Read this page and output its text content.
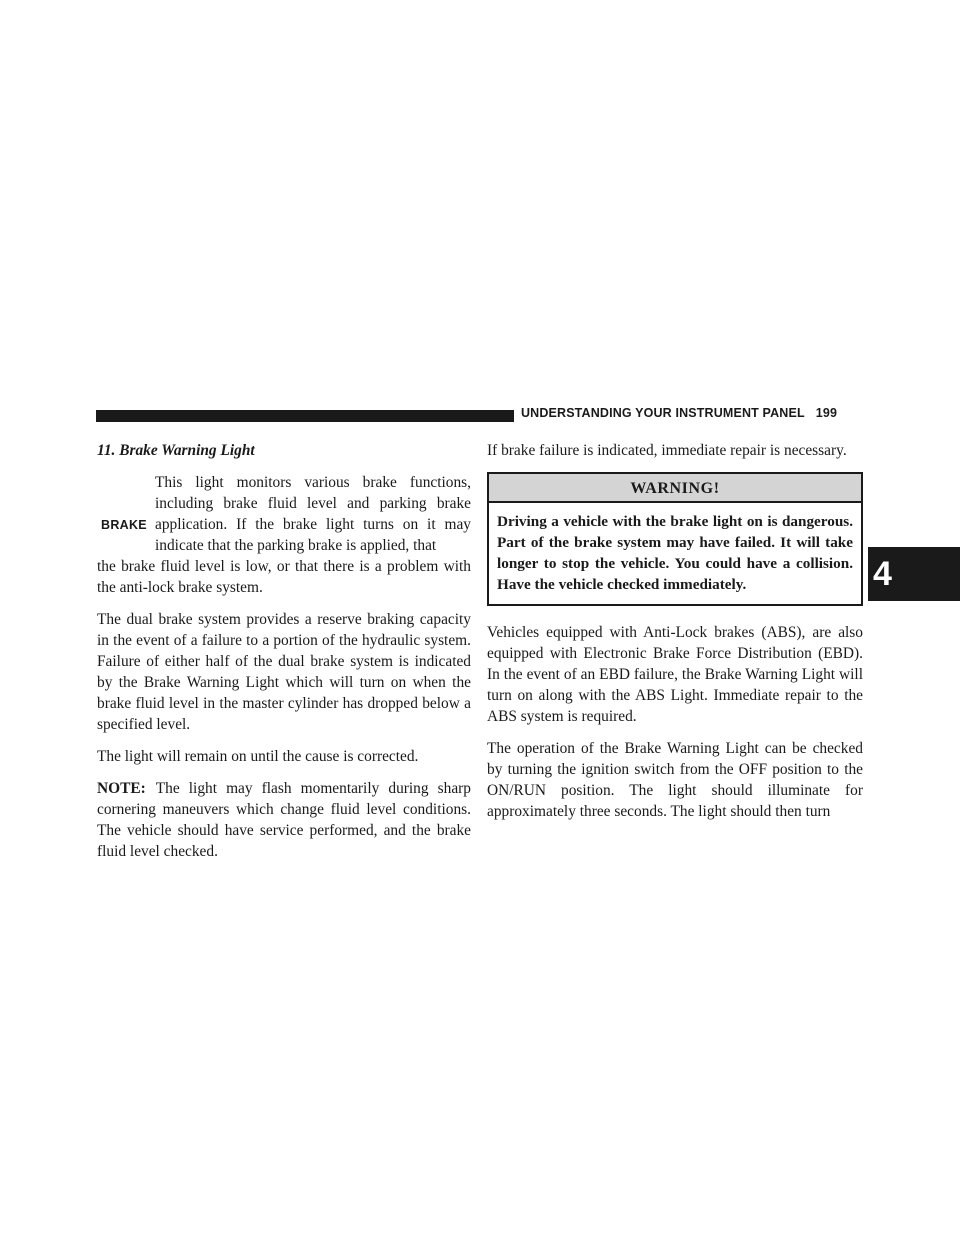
UNDERSTANDING YOUR INSTRUMENT PANEL 199
4

11. Brake Warning Light

BRAKE

This light monitors various brake functions, including brake fluid level and parking brake application. If the brake light turns on it may indicate that the parking brake is applied, that
the brake fluid level is low, or that there is a problem with the anti-lock brake system.

The dual brake system provides a reserve braking capacity in the event of a failure to a portion of the hydraulic system. Failure of either half of the dual brake system is indicated by the Brake Warning Light which will turn on when the brake fluid level in the master cylinder has dropped below a specified level.

The light will remain on until the cause is corrected.

NOTE: The light may flash momentarily during sharp cornering maneuvers which change fluid level conditions. The vehicle should have service performed, and the brake fluid level checked.

If brake failure is indicated, immediate repair is necessary.

WARNING!
Driving a vehicle with the brake light on is dangerous. Part of the brake system may have failed. It will take longer to stop the vehicle. You could have a collision. Have the vehicle checked immediately.

Vehicles equipped with Anti-Lock brakes (ABS), are also equipped with Electronic Brake Force Distribution (EBD). In the event of an EBD failure, the Brake Warning Light will turn on along with the ABS Light. Immediate repair to the ABS system is required.

The operation of the Brake Warning Light can be checked by turning the ignition switch from the OFF position to the ON/RUN position. The light should illuminate for approximately three seconds. The light should then turn
